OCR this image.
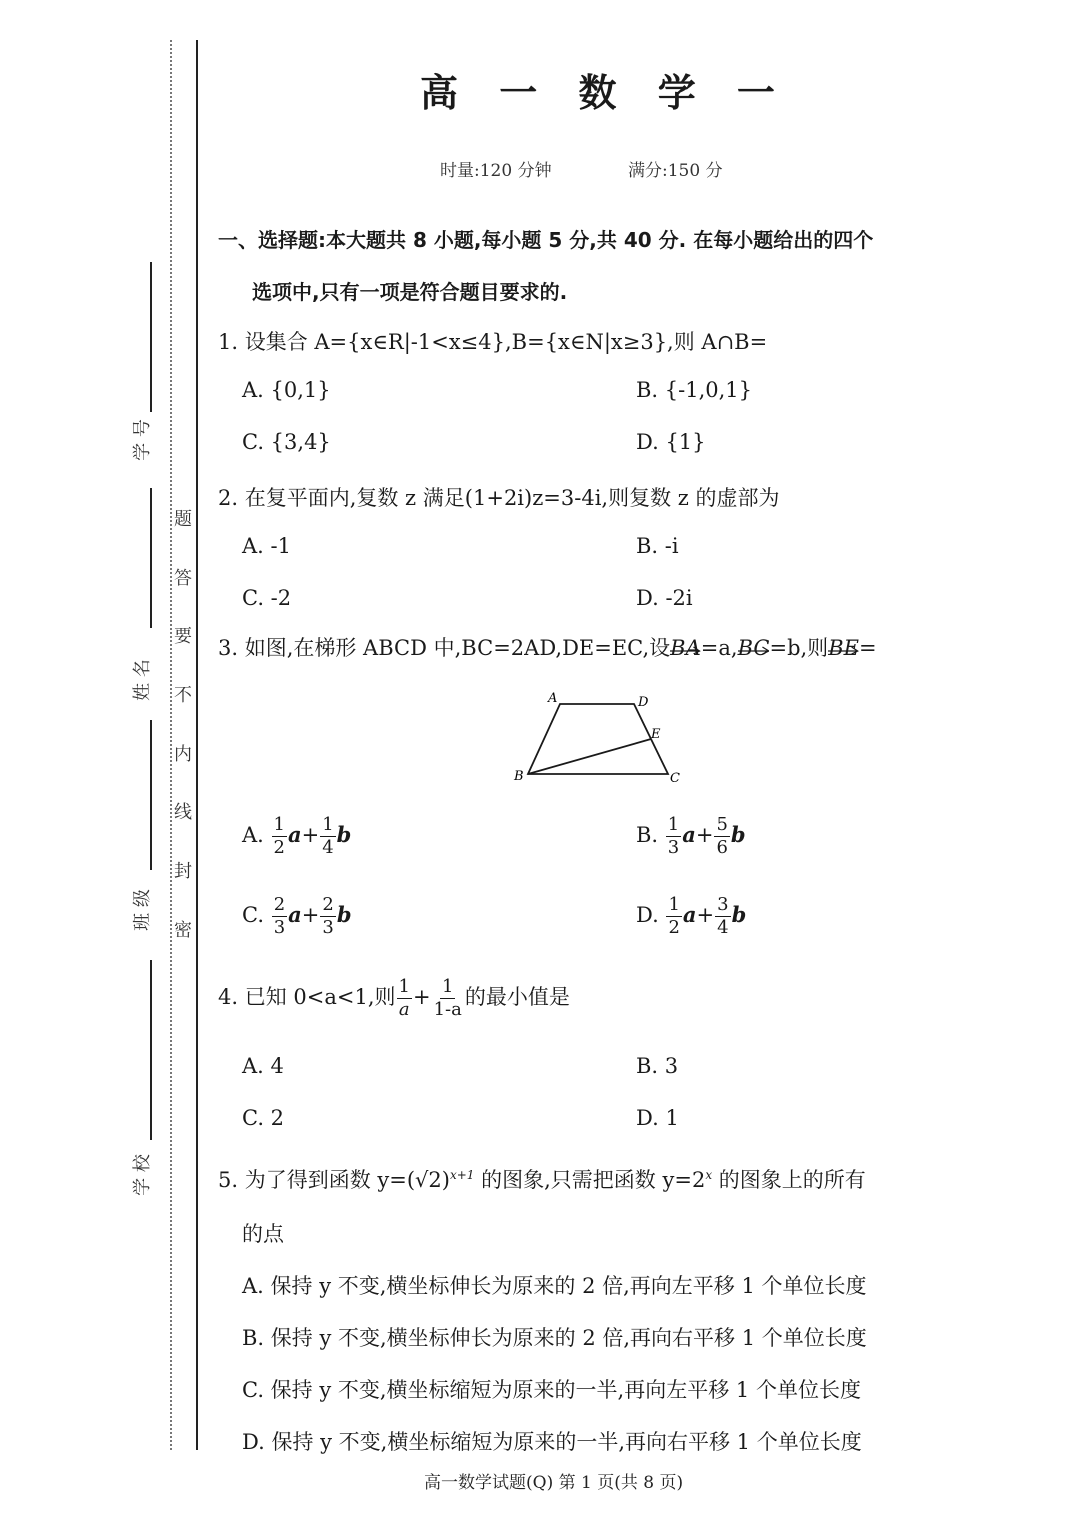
学 号
姓 名
班 级
学 校
题
答
要
不
内
线
封
密
高 一 数 学 一
时量:120 分钟	满分:150 分
一、选择题:本大题共 8 小题,每小题 5 分,共 40 分. 在每小题给出的四个
选项中,只有一项是符合题目要求的.
1. 设集合 A={x∈R|-1<x≤4},B={x∈N|x≥3},则 A∩B=
A. {0,1}	B. {-1,0,1}
C. {3,4}	D. {1}
2. 在复平面内,复数 z 满足(1+2i)z=3-4i,则复数 z 的虚部为
A. -1	B. -i
C. -2	D. -2i
3. 如图,在梯形 ABCD 中,BC=2AD,DE=EC,设
BA=a,
BC=b,则
BE=
A	D
E
B	C
A. $\frac{1}{2} a+ \frac{1}{4}$ b	B. $\frac{1}{3} a+ \frac{5}{6}$ b
C. $\frac{2}{3} a+ \frac{2}{3}$ b	D. $\frac{1}{2} a+ \frac{3}{4}$ b
4. 已知 0<a<1,则 $\frac{1}{a} + \frac{1}{1-a}$ 的最小值是
A. 4	B. 3
C. 2	D. 1
5. 为了得到函数 $y=(√2)^{x+1}$ 的图象,只需把函数 $y=2^x$ 的图象上的所有
的点
A. 保持 y 不变,横坐标伸长为原来的 2 倍,再向左平移 1 个单位长度
B. 保持 y 不变,横坐标伸长为原来的 2 倍,再向右平移 1 个单位长度
C. 保持 y 不变,横坐标缩短为原来的一半,再向左平移 1 个单位长度
D. 保持 y 不变,横坐标缩短为原来的一半,再向右平移 1 个单位长度
高一数学试题(Q) 第 1 页(共 8 页)
